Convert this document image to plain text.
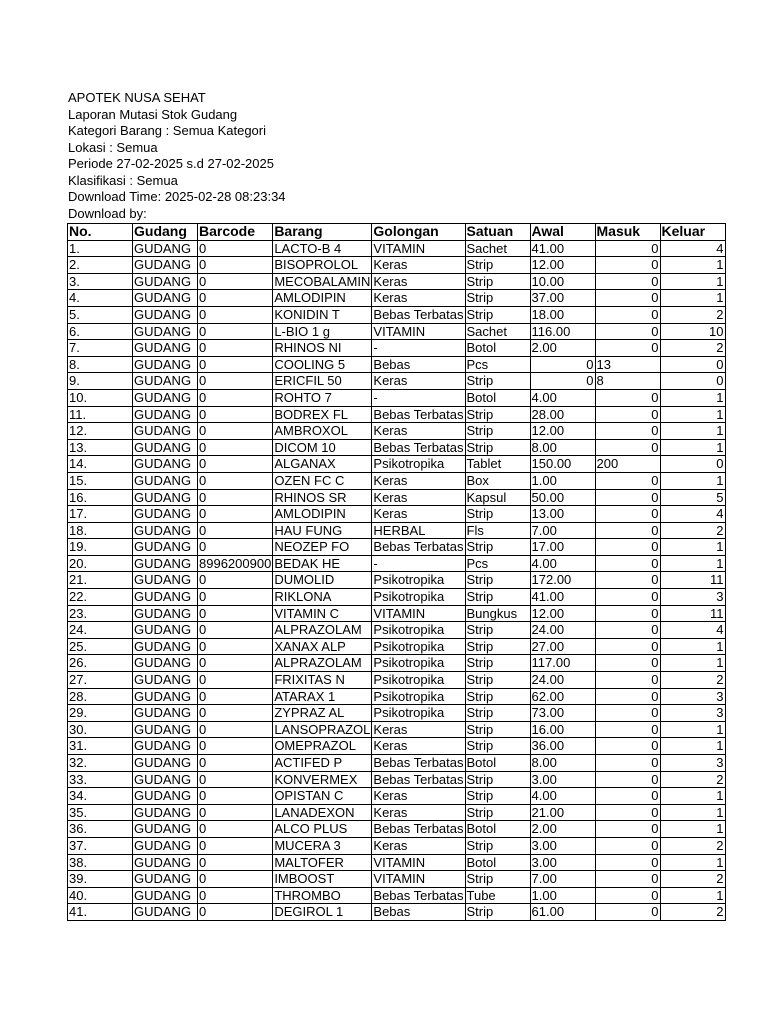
APOTEK NUSA SEHAT
Laporan Mutasi Stok Gudang
Kategori Barang : Semua Kategori
Lokasi : Semua
Periode 27-02-2025 s.d 27-02-2025
Klasifikasi : Semua
Download Time: 2025-02-28 08:23:34
Download by:
No.	Gudang	Barcode	Barang	Golongan	Satuan	Awal	Masuk	Keluar
1.	GUDANG	0	LACTO-B 4	VITAMIN	Sachet	41.00	0	4
2.	GUDANG	0	BISOPROLOL	Keras	Strip	12.00	0	1
3.	GUDANG	0	MECOBALAMIN	Keras	Strip	10.00	0	1
4.	GUDANG	0	AMLODIPIN	Keras	Strip	37.00	0	1
5.	GUDANG	0	KONIDIN T	Bebas Terbatas	Strip	18.00	0	2
6.	GUDANG	0	L-BIO 1 g	VITAMIN	Sachet	116.00	0	10
7.	GUDANG	0	RHINOS NI	-	Botol	2.00	0	2
8.	GUDANG	0	COOLING 5	Bebas	Pcs	0	13	0
9.	GUDANG	0	ERICFIL 50	Keras	Strip	0	8	0
10.	GUDANG	0	ROHTO 7	-	Botol	4.00	0	1
11.	GUDANG	0	BODREX FL	Bebas Terbatas	Strip	28.00	0	1
12.	GUDANG	0	AMBROXOL	Keras	Strip	12.00	0	1
13.	GUDANG	0	DICOM 10	Bebas Terbatas	Strip	8.00	0	1
14.	GUDANG	0	ALGANAX	Psikotropika	Tablet	150.00	200	0
15.	GUDANG	0	OZEN FC C	Keras	Box	1.00	0	1
16.	GUDANG	0	RHINOS SR	Keras	Kapsul	50.00	0	5
17.	GUDANG	0	AMLODIPIN	Keras	Strip	13.00	0	4
18.	GUDANG	0	HAU FUNG	HERBAL	Fls	7.00	0	2
19.	GUDANG	0	NEOZEP FO	Bebas Terbatas	Strip	17.00	0	1
20.	GUDANG	8996200900	BEDAK HE	-	Pcs	4.00	0	1
21.	GUDANG	0	DUMOLID	Psikotropika	Strip	172.00	0	11
22.	GUDANG	0	RIKLONA	Psikotropika	Strip	41.00	0	3
23.	GUDANG	0	VITAMIN C	VITAMIN	Bungkus	12.00	0	11
24.	GUDANG	0	ALPRAZOLAM	Psikotropika	Strip	24.00	0	4
25.	GUDANG	0	XANAX ALP	Psikotropika	Strip	27.00	0	1
26.	GUDANG	0	ALPRAZOLAM	Psikotropika	Strip	117.00	0	1
27.	GUDANG	0	FRIXITAS N	Psikotropika	Strip	24.00	0	2
28.	GUDANG	0	ATARAX 1	Psikotropika	Strip	62.00	0	3
29.	GUDANG	0	ZYPRAZ AL	Psikotropika	Strip	73.00	0	3
30.	GUDANG	0	LANSOPRAZOL	Keras	Strip	16.00	0	1
31.	GUDANG	0	OMEPRAZOL	Keras	Strip	36.00	0	1
32.	GUDANG	0	ACTIFED P	Bebas Terbatas	Botol	8.00	0	3
33.	GUDANG	0	KONVERMEX	Bebas Terbatas	Strip	3.00	0	2
34.	GUDANG	0	OPISTAN C	Keras	Strip	4.00	0	1
35.	GUDANG	0	LANADEXON	Keras	Strip	21.00	0	1
36.	GUDANG	0	ALCO PLUS	Bebas Terbatas	Botol	2.00	0	1
37.	GUDANG	0	MUCERA 3	Keras	Strip	3.00	0	2
38.	GUDANG	0	MALTOFER	VITAMIN	Botol	3.00	0	1
39.	GUDANG	0	IMBOOST	VITAMIN	Strip	7.00	0	2
40.	GUDANG	0	THROMBO	Bebas Terbatas	Tube	1.00	0	1
41.	GUDANG	0	DEGIROL 1	Bebas	Strip	61.00	0	2
